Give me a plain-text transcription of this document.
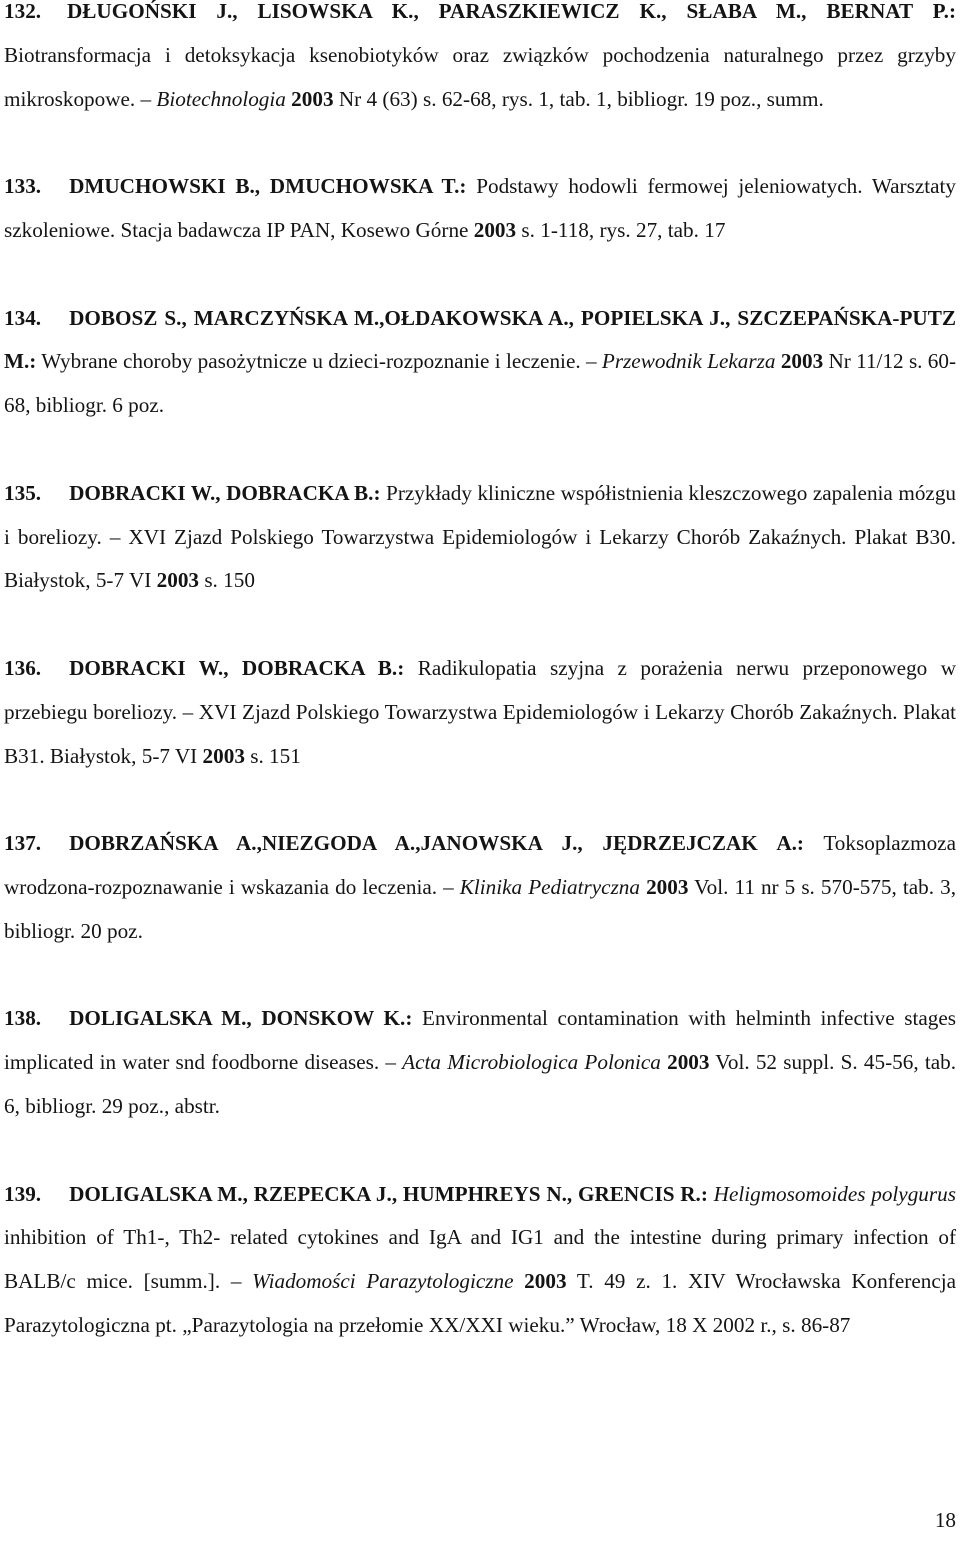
132. DŁUGOŃSKI J., LISOWSKA K., PARASZKIEWICZ K., SŁABA M., BERNAT P.: Biotransformacja i detoksykacja ksenobiotyków oraz związków pochodzenia naturalnego przez grzyby mikroskopowe. – Biotechnologia 2003 Nr 4 (63) s. 62-68, rys. 1, tab. 1, bibliogr. 19 poz., summ.

133. DMUCHOWSKI B., DMUCHOWSKA T.: Podstawy hodowli fermowej jeleniowatych. Warsztaty szkoleniowe. Stacja badawcza IP PAN, Kosewo Górne 2003 s. 1-118, rys. 27, tab. 17

134. DOBOSZ S., MARCZYŃSKA M.,OŁDAKOWSKA A., POPIELSKA J., SZCZEPAŃSKA-PUTZ M.: Wybrane choroby pasożytnicze u dzieci-rozpoznanie i leczenie. – Przewodnik Lekarza 2003 Nr 11/12 s. 60-68, bibliogr. 6 poz.

135. DOBRACKI W., DOBRACKA B.: Przykłady kliniczne współistnienia kleszczowego zapalenia mózgu i boreliozy. – XVI Zjazd Polskiego Towarzystwa Epidemiologów i Lekarzy Chorób Zakaźnych. Plakat B30. Białystok, 5-7 VI 2003 s. 150

136. DOBRACKI W., DOBRACKA B.: Radikulopatia szyjna z porażenia nerwu przeponowego w przebiegu boreliozy. – XVI Zjazd Polskiego Towarzystwa Epidemiologów i Lekarzy Chorób Zakaźnych. Plakat B31. Białystok, 5-7 VI 2003 s. 151

137. DOBRZAŃSKA A.,NIEZGODA A.,JANOWSKA J., JĘDRZEJCZAK A.: Toksoplazmoza wrodzona-rozpoznawanie i wskazania do leczenia. – Klinika Pediatryczna 2003 Vol. 11 nr 5 s. 570-575, tab. 3, bibliogr. 20 poz.

138. DOLIGALSKA M., DONSKOW K.: Environmental contamination with helminth infective stages implicated in water snd foodborne diseases. – Acta Microbiologica Polonica 2003 Vol. 52 suppl. S. 45-56, tab. 6, bibliogr. 29 poz., abstr.

139. DOLIGALSKA M., RZEPECKA J., HUMPHREYS N., GRENCIS R.: Heligmosomoides polygurus inhibition of Th1-, Th2- related cytokines and IgA and IG1 and the intestine during primary infection of BALB/c mice. [summ.]. – Wiadomości Parazytologiczne 2003 T. 49 z. 1. XIV Wrocławska Konferencja Parazytologiczna pt. „Parazytologia na przełomie XX/XXI wieku.” Wrocław, 18 X 2002 r., s. 86-87

18
